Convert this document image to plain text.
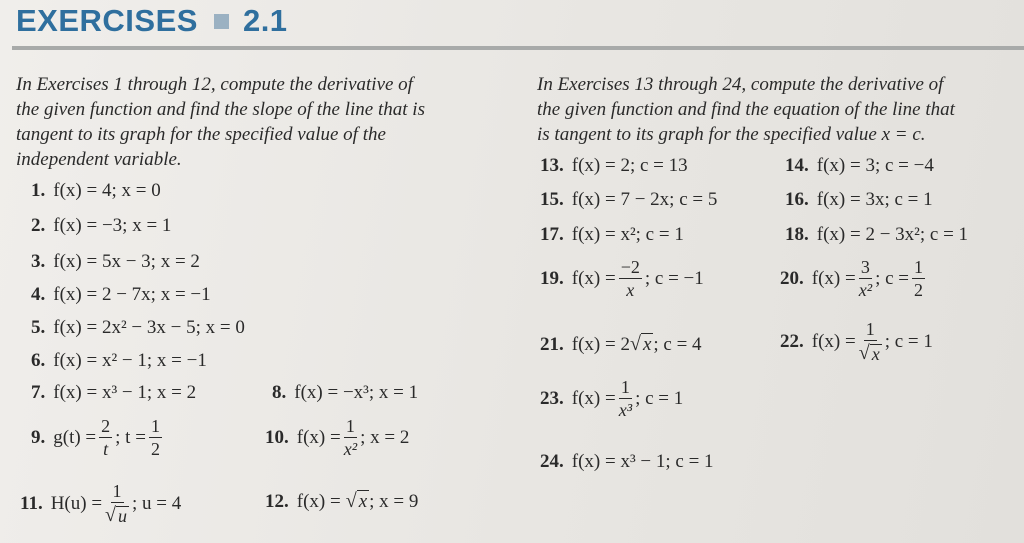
EXERCISES 2.1
In Exercises 1 through 12, compute the derivative of
the given function and find the slope of the line that is
tangent to its graph for the specified value of the
independent variable.
1. f(x) = 4; x = 0
2. f(x) = −3; x = 1
3. f(x) = 5x − 3; x = 2
4. f(x) = 2 − 7x; x = −1
5. f(x) = 2x² − 3x − 5; x = 0
6. f(x) = x² − 1; x = −1
7. f(x) = x³ − 1; x = 2	8. f(x) = −x³; x = 1
9. $g(t) = \frac{2}{t}$ ; $t = \frac{1}{2}$	10. $f(x) = \frac{1}{\text{x²}}$ ; x = 2
11. $H(u) = \frac{1}{√ u}$ ; u = 4	12. f(x) = √ x ; x = 9
In Exercises 13 through 24, compute the derivative of
the given function and find the equation of the line that
is tangent to its graph for the specified value x = c.
13. f(x) = 2; c = 13	14. f(x) = 3; c = −4
15. f(x) = 7 − 2x; c = 5	16. f(x) = 3x; c = 1
17. f(x) = x²; c = 1	18. f(x) = 2 − 3x²; c = 1
19. $f(x) = \frac{-2}{x}$ ; c = −1	20. $f(x) = \frac{3}{\text{x²}}$ ; $c = \frac{1}{2}$
21. f(x) = 2 √ x ; c = 4	22. $f(x) = \frac{1}{√ x}$ ; c = 1
23. $f(x) = \frac{1}{\text{x³}}$ ; c = 1
24. f(x) = x³ − 1; c = 1
